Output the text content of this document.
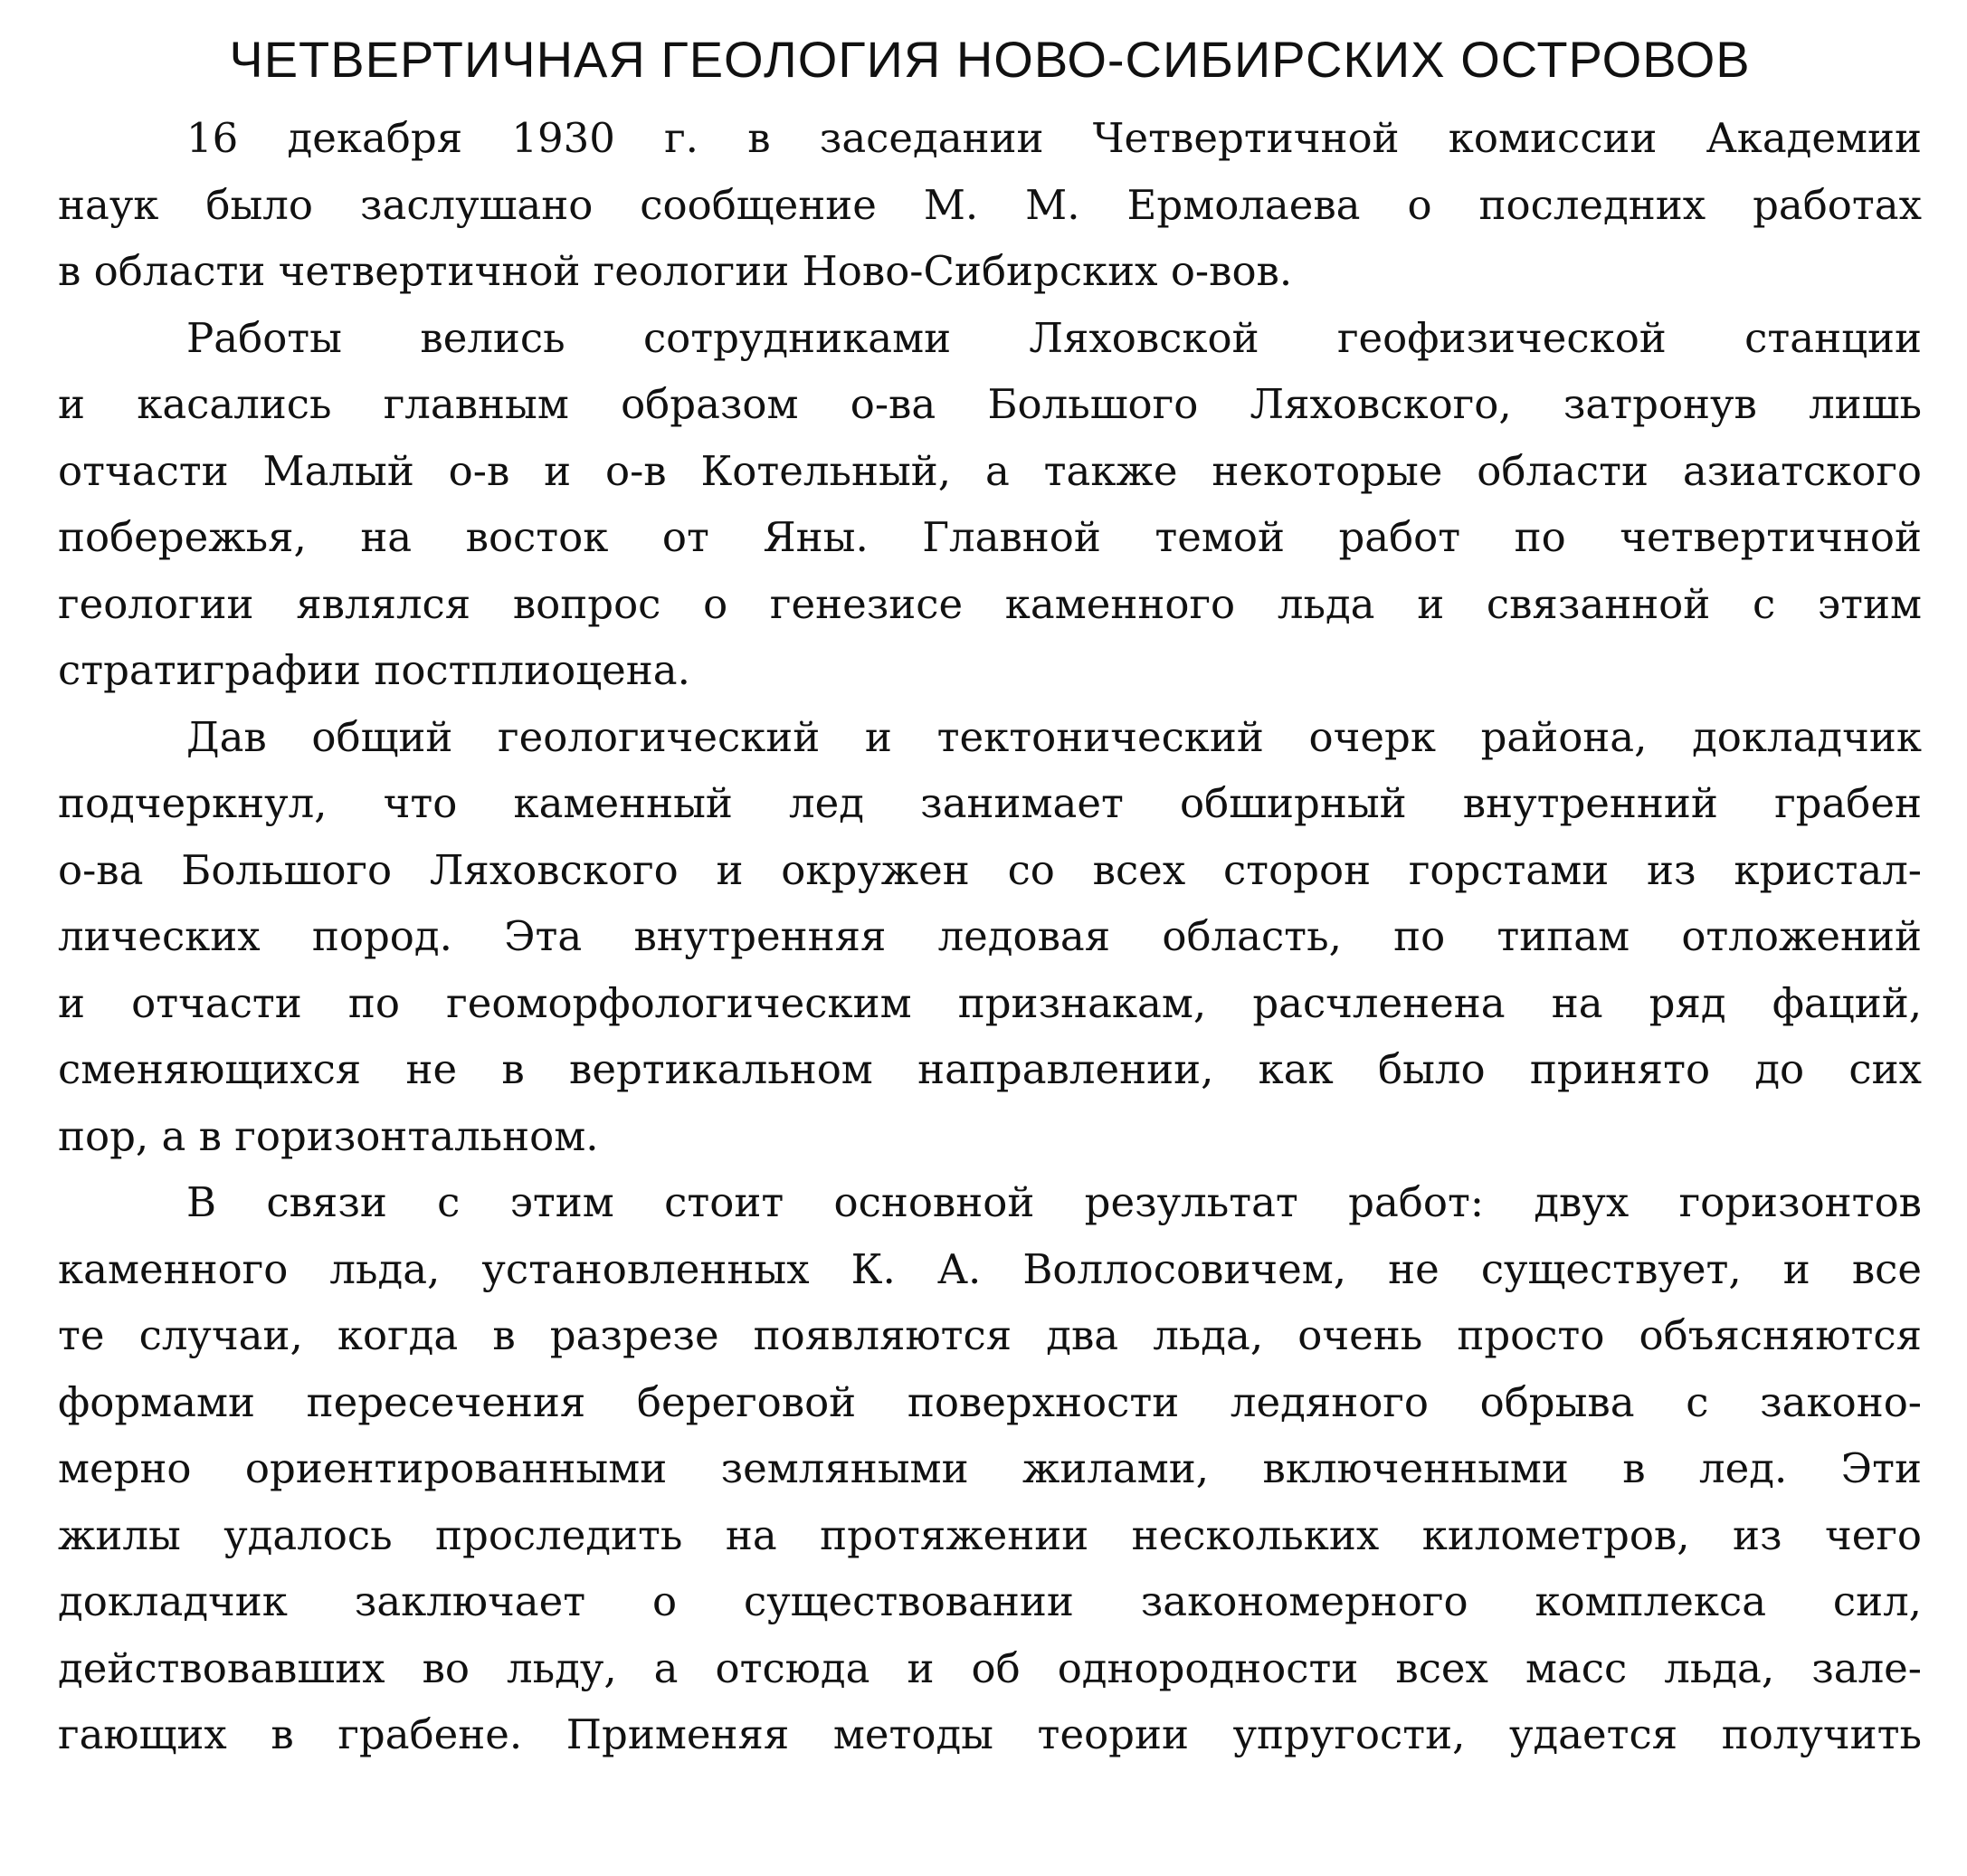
ЧЕТВЕРТИЧНАЯ ГЕОЛОГИЯ НОВО-СИБИРСКИХ ОСТРОВОВ
16 декабря 1930 г. в заседании Четвертичной комиссии Академии
наук было заслушано сообщение М. М. Ермолаева о последних работах
в области четвертичной геологии Ново-Сибирских о-вов.
Работы велись сотрудниками Ляховской геофизической станции
и касались главным образом о-ва Большого Ляховского, затронув лишь
отчасти Малый о-в и о-в Котельный, а также некоторые области азиатского
побережья, на восток от Яны. Главной темой работ по четвертичной
геологии являлся вопрос о генезисе каменного льда и связанной с этим
стратиграфии постплиоцена.
Дав общий геологический и тектонический очерк района, докладчик
подчеркнул, что каменный лед занимает обширный внутренний грабен
о-ва Большого Ляховского и окружен со всех сторон горстами из кристал-
лических пород. Эта внутренняя ледовая область, по типам отложений
и отчасти по геоморфологическим признакам, расчленена на ряд фаций,
сменяющихся не в вертикальном направлении, как было принято до сих
пор, а в горизонтальном.
В связи с этим стоит основной результат работ: двух горизонтов
каменного льда, установленных К. А. Воллосовичем, не существует, и все
те случаи, когда в разрезе появляются два льда, очень просто объясняются
формами пересечения береговой поверхности ледяного обрыва с законо-
мерно ориентированными земляными жилами, включенными в лед. Эти
жилы удалось проследить на протяжении нескольких километров, из чего
докладчик заключает о существовании закономерного комплекса сил,
действовавших во льду, а отсюда и об однородности всех масс льда, зале-
гающих в грабене. Применяя методы теории упругости, удается получить
